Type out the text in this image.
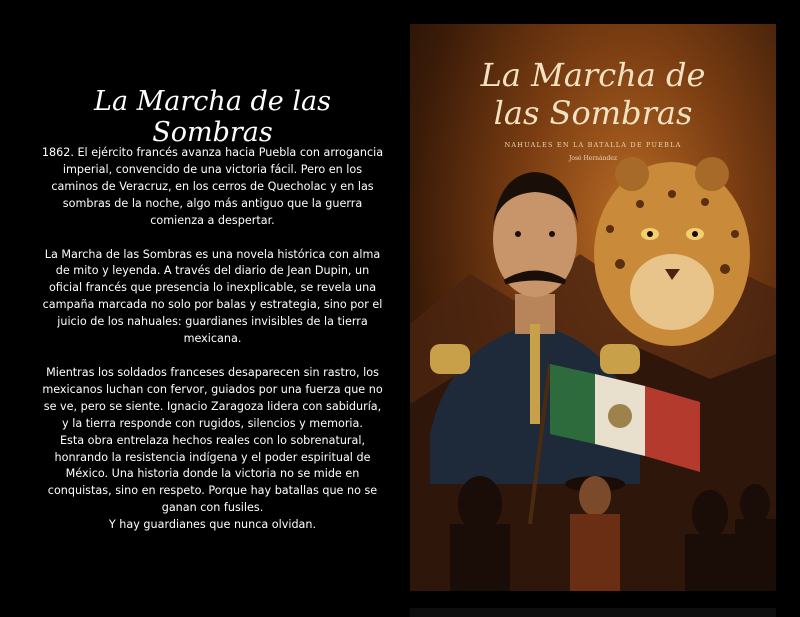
La Marcha de las Sombras

1862. El ejército francés avanza hacia Puebla con arrogancia imperial, convencido de una victoria fácil. Pero en los caminos de Veracruz, en los cerros de Quecholac y en las sombras de la noche, algo más antiguo que la guerra comienza a despertar.

La Marcha de las Sombras es una novela histórica con alma de mito y leyenda. A través del diario de Jean Dupin, un oficial francés que presencia lo inexplicable, se revela una campaña marcada no solo por balas y estrategia, sino por el juicio de los nahuales: guardianes invisibles de la tierra mexicana.

Mientras los soldados franceses desaparecen sin rastro, los mexicanos luchan con fervor, guiados por una fuerza que no se ve, pero se siente. Ignacio Zaragoza lidera con sabiduría, y la tierra responde con rugidos, silencios y memoria.

Esta obra entrelaza hechos reales con lo sobrenatural, honrando la resistencia indígena y el poder espiritual de México. Una historia donde la victoria no se mide en conquistas, sino en respeto. Porque hay batallas que no se ganan con fusiles.

Y hay guardianes que nunca olvidan.

La Marcha de
las Sombras
NAHUALES EN LA BATALLA DE PUEBLA
José Hernández
